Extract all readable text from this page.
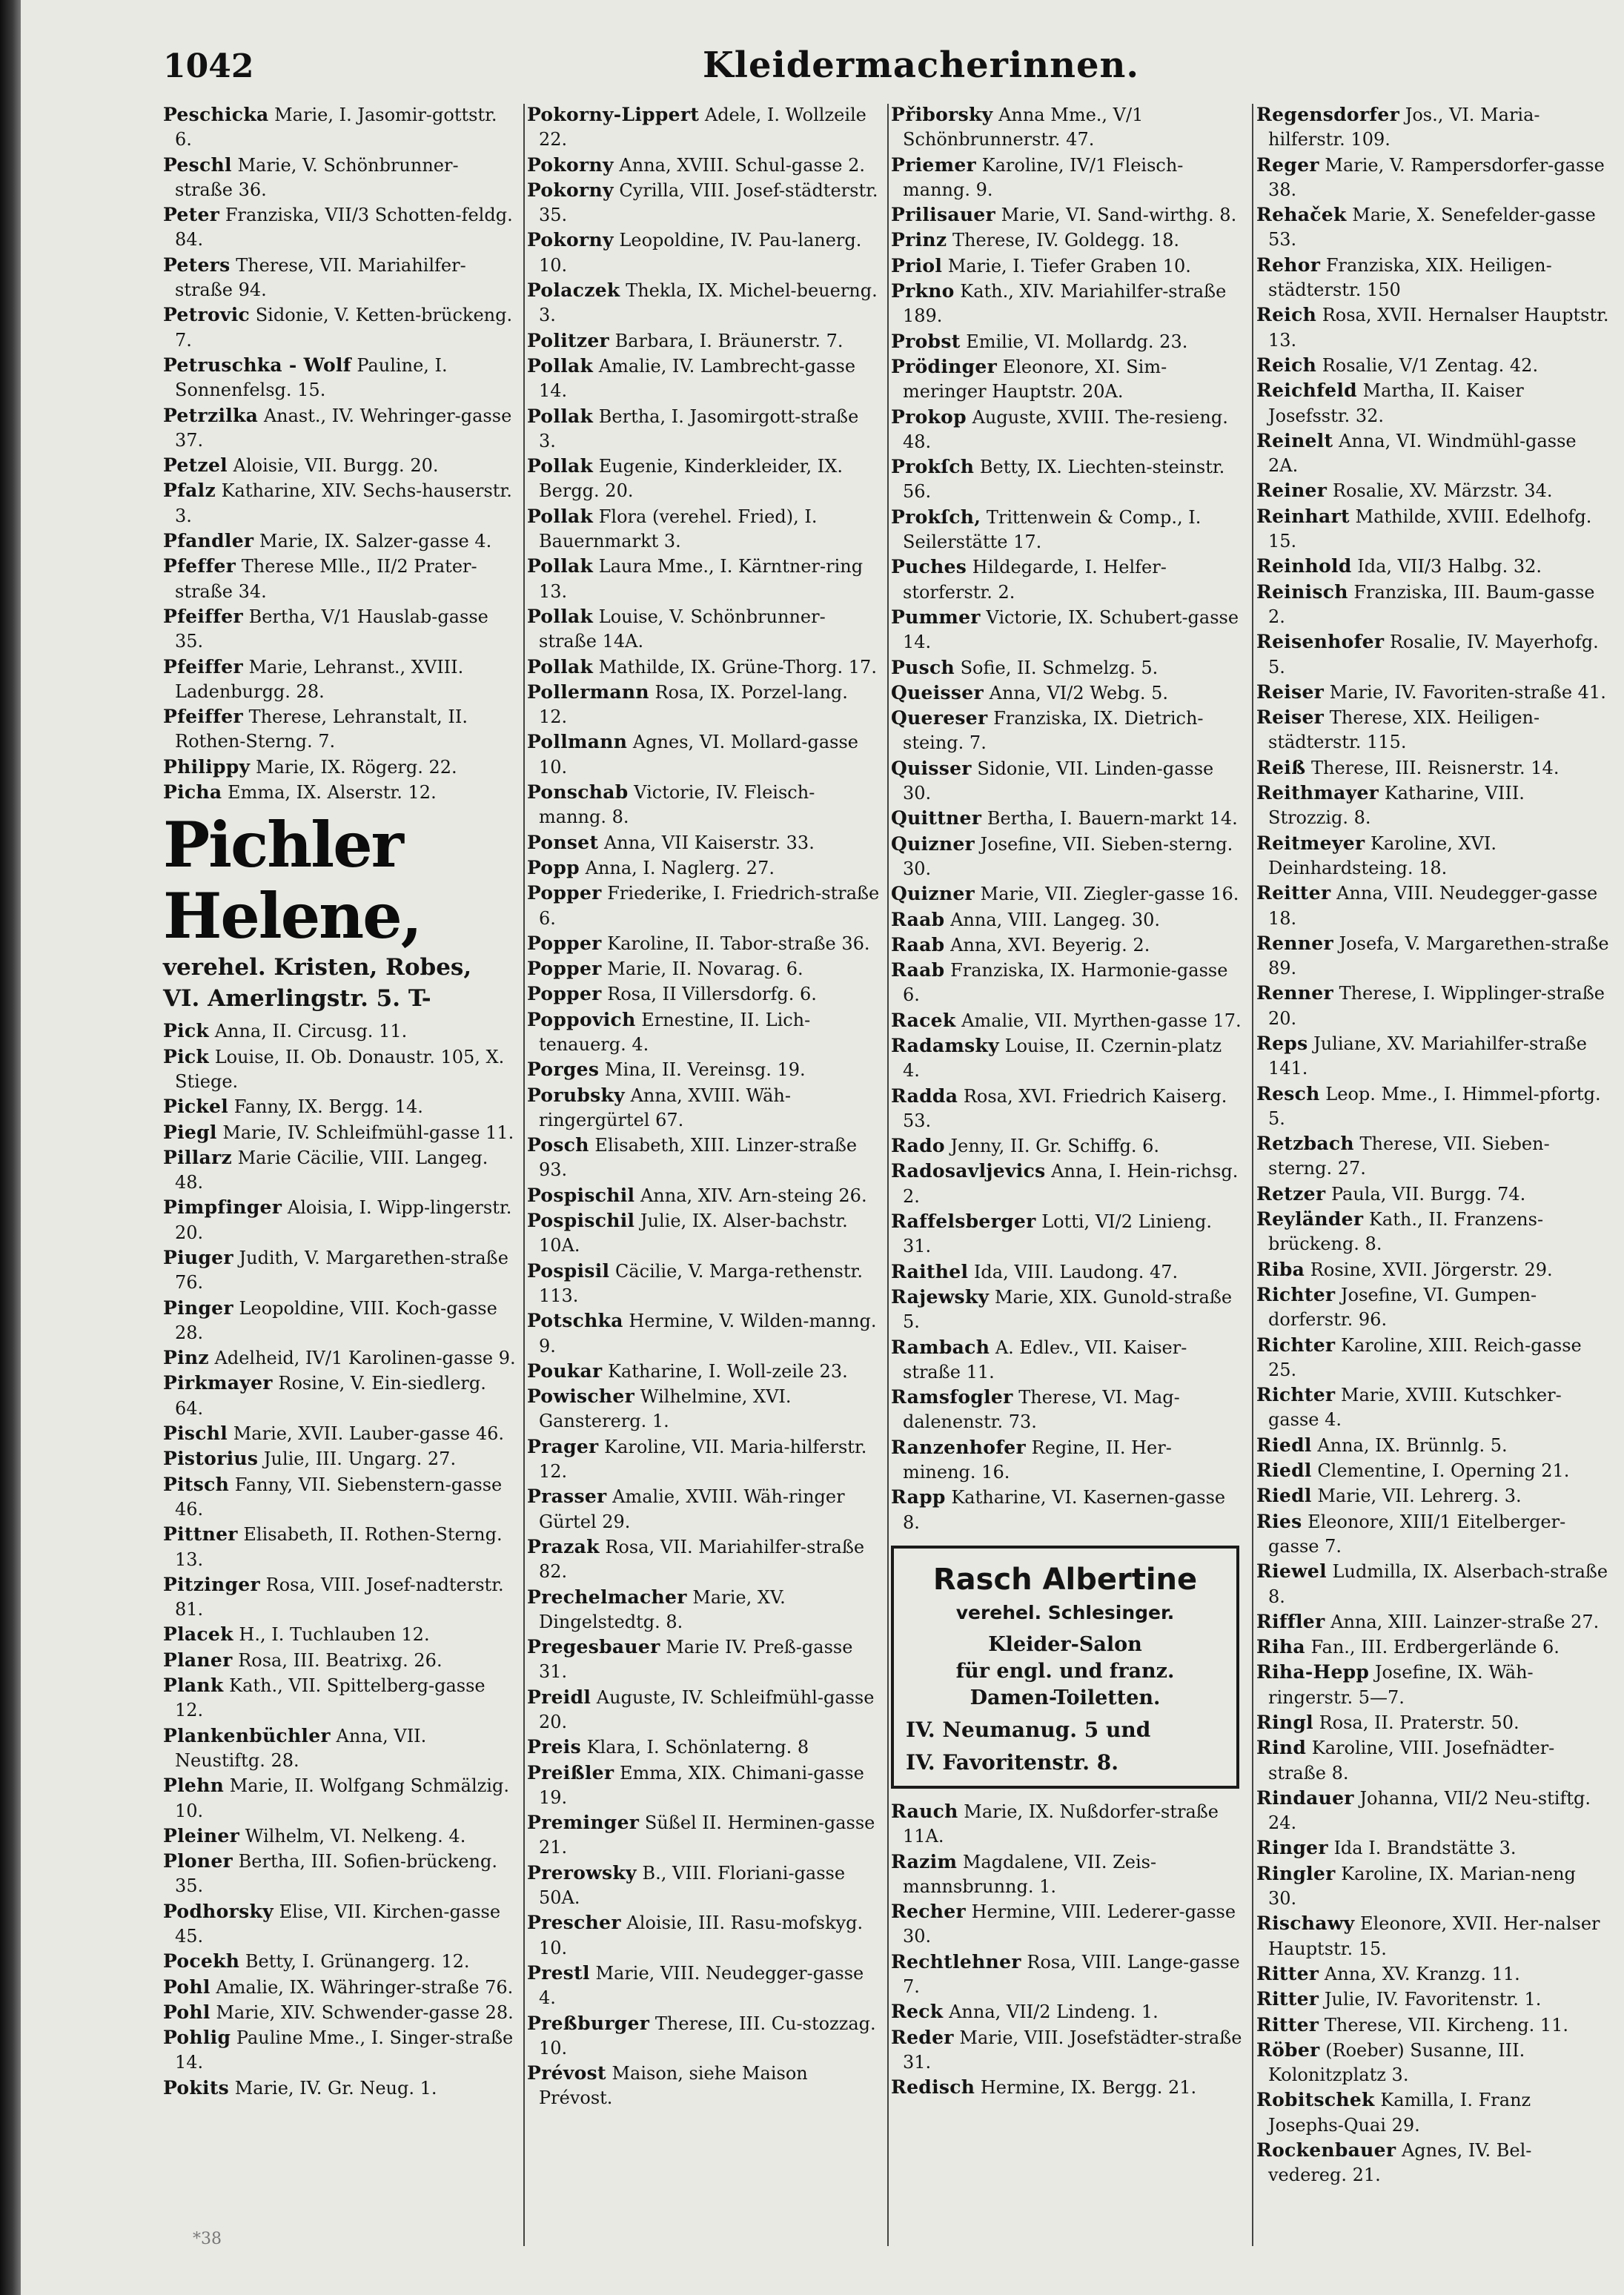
1042	Kleidermacherinnen.

Peschicka Marie, I. Jasomir-gottstr. 6.

Peschl Marie, V. Schönbrunner-straße 36.

Peter Franziska, VII/3 Schotten-feldg. 84.

Peters Therese, VII. Mariahilfer-straße 94.

Petrovic Sidonie, V. Ketten-brückeng. 7.

Petruschka - Wolf Pauline, I. Sonnenfelsg. 15.

Petrzilka Anast., IV. Wehringer-gasse 37.

Petzel Aloisie, VII. Burgg. 20.

Pfalz Katharine, XIV. Sechs-hauserstr. 3.

Pfandler Marie, IX. Salzer-gasse 4.

Pfeffer Therese Mlle., II/2 Prater-straße 34.

Pfeiffer Bertha, V/1 Hauslab-gasse 35.

Pfeiffer Marie, Lehranst., XVIII. Ladenburgg. 28.

Pfeiffer Therese, Lehranstalt, II. Rothen-Sterng. 7.

Philippy Marie, IX. Rögerg. 22.

Picha Emma, IX. Alserstr. 12.

Pichler Helene,

verehel. Kristen, Robes,

VI. Amerlingstr. 5. T-

Pick Anna, II. Circusg. 11.

Pick Louise, II. Ob. Donaustr. 105, X. Stiege.

Pickel Fanny, IX. Bergg. 14.

Piegl Marie, IV. Schleifmühl-gasse 11.

Pillarz Marie Cäcilie, VIII. Langeg. 48.

Pimpfinger Aloisia, I. Wipp-lingerstr. 20.

Piuger Judith, V. Margarethen-straße 76.

Pinger Leopoldine, VIII. Koch-gasse 28.

Pinz Adelheid, IV/1 Karolinen-gasse 9.

Pirkmayer Rosine, V. Ein-siedlerg. 64.

Pischl Marie, XVII. Lauber-gasse 46.

Pistorius Julie, III. Ungarg. 27.

Pitsch Fanny, VII. Siebenstern-gasse 46.

Pittner Elisabeth, II. Rothen-Sterng. 13.

Pitzinger Rosa, VIII. Josef-nadterstr. 81.

Placek H., I. Tuchlauben 12.

Planer Rosa, III. Beatrixg. 26.

Plank Kath., VII. Spittelberg-gasse 12.

Plankenbüchler Anna, VII. Neustiftg. 28.

Plehn Marie, II. Wolfgang Schmälzig. 10.

Pleiner Wilhelm, VI. Nelkeng. 4.

Ploner Bertha, III. Sofien-brückeng. 35.

Podhorsky Elise, VII. Kirchen-gasse 45.

Pocekh Betty, I. Grünangerg. 12.

Pohl Amalie, IX. Währinger-straße 76.

Pohl Marie, XIV. Schwender-gasse 28.

Pohlig Pauline Mme., I. Singer-straße 14.

Pokits Marie, IV. Gr. Neug. 1.

Pokorny-Lippert Adele, I. Wollzeile 22.

Pokorny Anna, XVIII. Schul-gasse 2.

Pokorny Cyrilla, VIII. Josef-städterstr. 35.

Pokorny Leopoldine, IV. Pau-lanerg. 10.

Polaczek Thekla, IX. Michel-beuerng. 3.

Politzer Barbara, I. Bräunerstr. 7.

Pollak Amalie, IV. Lambrecht-gasse 14.

Pollak Bertha, I. Jasomirgott-straße 3.

Pollak Eugenie, Kinderkleider, IX. Bergg. 20.

Pollak Flora (verehel. Fried), I. Bauernmarkt 3.

Pollak Laura Mme., I. Kärntner-ring 13.

Pollak Louise, V. Schönbrunner-straße 14A.

Pollak Mathilde, IX. Grüne-Thorg. 17.

Pollermann Rosa, IX. Porzel-lang. 12.

Pollmann Agnes, VI. Mollard-gasse 10.

Ponschab Victorie, IV. Fleisch-manng. 8.

Ponset Anna, VII Kaiserstr. 33.

Popp Anna, I. Naglerg. 27.

Popper Friederike, I. Friedrich-straße 6.

Popper Karoline, II. Tabor-straße 36.

Popper Marie, II. Novarag. 6.

Popper Rosa, II Villersdorfg. 6.

Poppovich Ernestine, II. Lich-tenauerg. 4.

Porges Mina, II. Vereinsg. 19.

Porubsky Anna, XVIII. Wäh-ringergürtel 67.

Posch Elisabeth, XIII. Linzer-straße 93.

Pospischil Anna, XIV. Arn-steing 26.

Pospischil Julie, IX. Alser-bachstr. 10A.

Pospisil Cäcilie, V. Marga-rethenstr. 113.

Potschka Hermine, V. Wilden-manng. 9.

Poukar Katharine, I. Woll-zeile 23.

Powischer Wilhelmine, XVI. Ganstererg. 1.

Prager Karoline, VII. Maria-hilferstr. 12.

Prasser Amalie, XVIII. Wäh-ringer Gürtel 29.

Prazak Rosa, VII. Mariahilfer-straße 82.

Prechelmacher Marie, XV. Dingelstedtg. 8.

Pregesbauer Marie IV. Preß-gasse 31.

Preidl Auguste, IV. Schleifmühl-gasse 20.

Preis Klara, I. Schönlaterng. 8

Preißler Emma, XIX. Chimani-gasse 19.

Preminger Süßel II. Herminen-gasse 21.

Prerowsky B., VIII. Floriani-gasse 50A.

Prescher Aloisie, III. Rasu-mofskyg. 10.

Prestl Marie, VIII. Neudegger-gasse 4.

Preßburger Therese, III. Cu-stozzag. 10.

Prévost Maison, siehe Maison Prévost.

Přiborsky Anna Mme., V/1 Schönbrunnerstr. 47.

Priemer Karoline, IV/1 Fleisch-manng. 9.

Prilisauer Marie, VI. Sand-wirthg. 8.

Prinz Therese, IV. Goldegg. 18.

Priol Marie, I. Tiefer Graben 10.

Prkno Kath., XIV. Mariahilfer-straße 189.

Probst Emilie, VI. Mollardg. 23.

Prödinger Eleonore, XI. Sim-meringer Hauptstr. 20A.

Prokop Auguste, XVIII. The-resieng. 48.

Prokſch Betty, IX. Liechten-steinstr. 56.

Prokſch, Trittenwein & Comp., I. Seilerstätte 17.

Puches Hildegarde, I. Helfer-storferstr. 2.

Pummer Victorie, IX. Schubert-gasse 14.

Pusch Sofie, II. Schmelzg. 5.

Queisser Anna, VI/2 Webg. 5.

Quereser Franziska, IX. Dietrich-steing. 7.

Quisser Sidonie, VII. Linden-gasse 30.

Quittner Bertha, I. Bauern-markt 14.

Quizner Josefine, VII. Sieben-sterng. 30.

Quizner Marie, VII. Ziegler-gasse 16.

Raab Anna, VIII. Langeg. 30.

Raab Anna, XVI. Beyerig. 2.

Raab Franziska, IX. Harmonie-gasse 6.

Racek Amalie, VII. Myrthen-gasse 17.

Radamsky Louise, II. Czernin-platz 4.

Radda Rosa, XVI. Friedrich Kaiserg. 53.

Rado Jenny, II. Gr. Schiffg. 6.

Radosavljevics Anna, I. Hein-richsg. 2.

Raffelsberger Lotti, VI/2 Linieng. 31.

Raithel Ida, VIII. Laudong. 47.

Rajewsky Marie, XIX. Gunold-straße 5.

Rambach A. Edlev., VII. Kaiser-straße 11.

Ramsfogler Therese, VI. Mag-dalenenstr. 73.

Ranzenhofer Regine, II. Her-mineng. 16.

Rapp Katharine, VI. Kasernen-gasse 8.

Rasch Albertine

verehel. Schlesinger.

Kleider-Salon

für engl. und franz.

Damen-Toiletten.

IV. Neumanug. 5 und

IV. Favoritenstr. 8.

Rauch Marie, IX. Nußdorfer-straße 11A.

Razim Magdalene, VII. Zeis-mannsbrunng. 1.

Recher Hermine, VIII. Lederer-gasse 30.

Rechtlehner Rosa, VIII. Lange-gasse 7.

Reck Anna, VII/2 Lindeng. 1.

Reder Marie, VIII. Josefstädter-straße 31.

Redisch Hermine, IX. Bergg. 21.

Regensdorfer Jos., VI. Maria-hilferstr. 109.

Reger Marie, V. Rampersdorfer-gasse 38.

Rehaček Marie, X. Senefelder-gasse 53.

Rehor Franziska, XIX. Heiligen-städterstr. 150

Reich Rosa, XVII. Hernalser Hauptstr. 13.

Reich Rosalie, V/1 Zentag. 42.

Reichfeld Martha, II. Kaiser Josefsstr. 32.

Reinelt Anna, VI. Windmühl-gasse 2A.

Reiner Rosalie, XV. Märzstr. 34.

Reinhart Mathilde, XVIII. Edelhofg. 15.

Reinhold Ida, VII/3 Halbg. 32.

Reinisch Franziska, III. Baum-gasse 2.

Reisenhofer Rosalie, IV. Mayerhofg. 5.

Reiser Marie, IV. Favoriten-straße 41.

Reiser Therese, XIX. Heiligen-städterstr. 115.

Reiß Therese, III. Reisnerstr. 14.

Reithmayer Katharine, VIII. Strozzig. 8.

Reitmeyer Karoline, XVI. Deinhardsteing. 18.

Reitter Anna, VIII. Neudegger-gasse 18.

Renner Josefa, V. Margarethen-straße 89.

Renner Therese, I. Wipplinger-straße 20.

Reps Juliane, XV. Mariahilfer-straße 141.

Resch Leop. Mme., I. Himmel-pfortg. 5.

Retzbach Therese, VII. Sieben-sterng. 27.

Retzer Paula, VII. Burgg. 74.

Reyländer Kath., II. Franzens-brückeng. 8.

Riba Rosine, XVII. Jörgerstr. 29.

Richter Josefine, VI. Gumpen-dorferstr. 96.

Richter Karoline, XIII. Reich-gasse 25.

Richter Marie, XVIII. Kutschker-gasse 4.

Riedl Anna, IX. Brünnlg. 5.

Riedl Clementine, I. Operning 21.

Riedl Marie, VII. Lehrerg. 3.

Ries Eleonore, XIII/1 Eitelberger-gasse 7.

Riewel Ludmilla, IX. Alserbach-straße 8.

Riffler Anna, XIII. Lainzer-straße 27.

Riha Fan., III. Erdbergerlände 6.

Riha-Hepp Josefine, IX. Wäh-ringerstr. 5—7.

Ringl Rosa, II. Praterstr. 50.

Rind Karoline, VIII. Josefnädter-straße 8.

Rindauer Johanna, VII/2 Neu-stiftg. 24.

Ringer Ida I. Brandstätte 3.

Ringler Karoline, IX. Marian-neng 30.

Rischawy Eleonore, XVII. Her-nalser Hauptstr. 15.

Ritter Anna, XV. Kranzg. 11.

Ritter Julie, IV. Favoritenstr. 1.

Ritter Therese, VII. Kircheng. 11.

Röber (Roeber) Susanne, III. Kolonitzplatz 3.

Robitschek Kamilla, I. Franz Josephs-Quai 29.

Rockenbauer Agnes, IV. Bel-vedereg. 21.

*38
